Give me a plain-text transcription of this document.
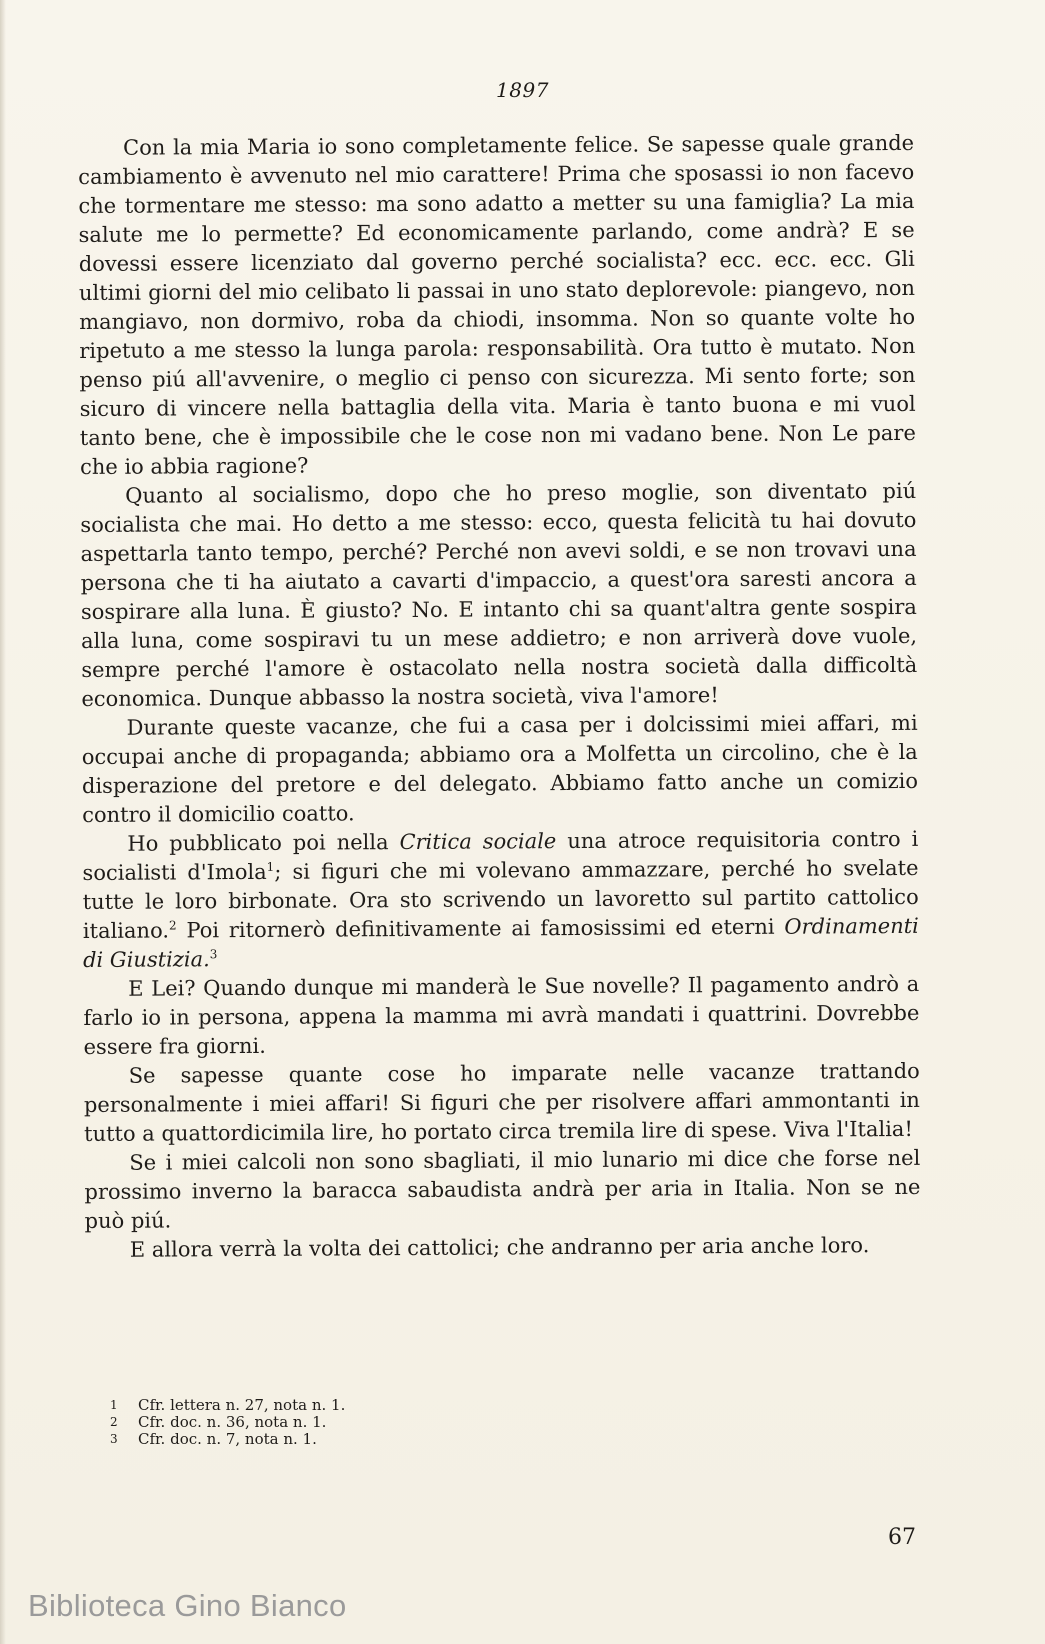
1897

Con la mia Maria io sono completamente felice. Se sapesse quale grande cambiamento è avvenuto nel mio carattere! Prima che sposassi io non facevo che tormentare me stesso: ma sono adatto a metter su una famiglia? La mia salute me lo permette? Ed economicamente parlando, come andrà? E se dovessi essere licenziato dal governo perché socialista? ecc. ecc. ecc. Gli ultimi giorni del mio celibato li passai in uno stato deplorevole: piangevo, non mangiavo, non dormivo, roba da chiodi, insomma. Non so quante volte ho ripetuto a me stesso la lunga parola: responsabilità. Ora tutto è mutato. Non penso piú all'avvenire, o meglio ci penso con sicurezza. Mi sento forte; son sicuro di vincere nella battaglia della vita. Maria è tanto buona e mi vuol tanto bene, che è impossibile che le cose non mi vadano bene. Non Le pare che io abbia ragione?

Quanto al socialismo, dopo che ho preso moglie, son diventato piú socialista che mai. Ho detto a me stesso: ecco, questa felicità tu hai dovuto aspettarla tanto tempo, perché? Perché non avevi soldi, e se non trovavi una persona che ti ha aiutato a cavarti d'impaccio, a quest'ora saresti ancora a sospirare alla luna. È giusto? No. E intanto chi sa quant'altra gente sospira alla luna, come sospiravi tu un mese addietro; e non arriverà dove vuole, sempre perché l'amore è ostacolato nella nostra società dalla difficoltà economica. Dunque abbasso la nostra società, viva l'amore!

Durante queste vacanze, che fui a casa per i dolcissimi miei affari, mi occupai anche di propaganda; abbiamo ora a Molfetta un circolino, che è la disperazione del pretore e del delegato. Abbiamo fatto anche un comizio contro il domicilio coatto.

Ho pubblicato poi nella Critica sociale una atroce requisitoria contro i socialisti d'Imola$^1$; si figuri che mi volevano ammazzare, perché ho svelate tutte le loro birbonate. Ora sto scrivendo un lavoretto sul partito cattolico italiano.$^2$ Poi ritornerò definitivamente ai famosissimi ed eterni Ordinamenti di Giustizia.$^3$

E Lei? Quando dunque mi manderà le Sue novelle? Il pagamento andrò a farlo io in persona, appena la mamma mi avrà mandati i quattrini. Dovrebbe essere fra giorni.

Se sapesse quante cose ho imparate nelle vacanze trattando personalmente i miei affari! Si figuri che per risolvere affari ammontanti in tutto a quattordicimila lire, ho portato circa tremila lire di spese. Viva l'Italia!

Se i miei calcoli non sono sbagliati, il mio lunario mi dice che forse nel prossimo inverno la baracca sabaudista andrà per aria in Italia. Non se ne può piú.

E allora verrà la volta dei cattolici; che andranno per aria anche loro.

1	Cfr. lettera n. 27, nota n. 1.
2	Cfr. doc. n. 36, nota n. 1.
3	Cfr. doc. n. 7, nota n. 1.
67
Biblioteca Gino Bianco
